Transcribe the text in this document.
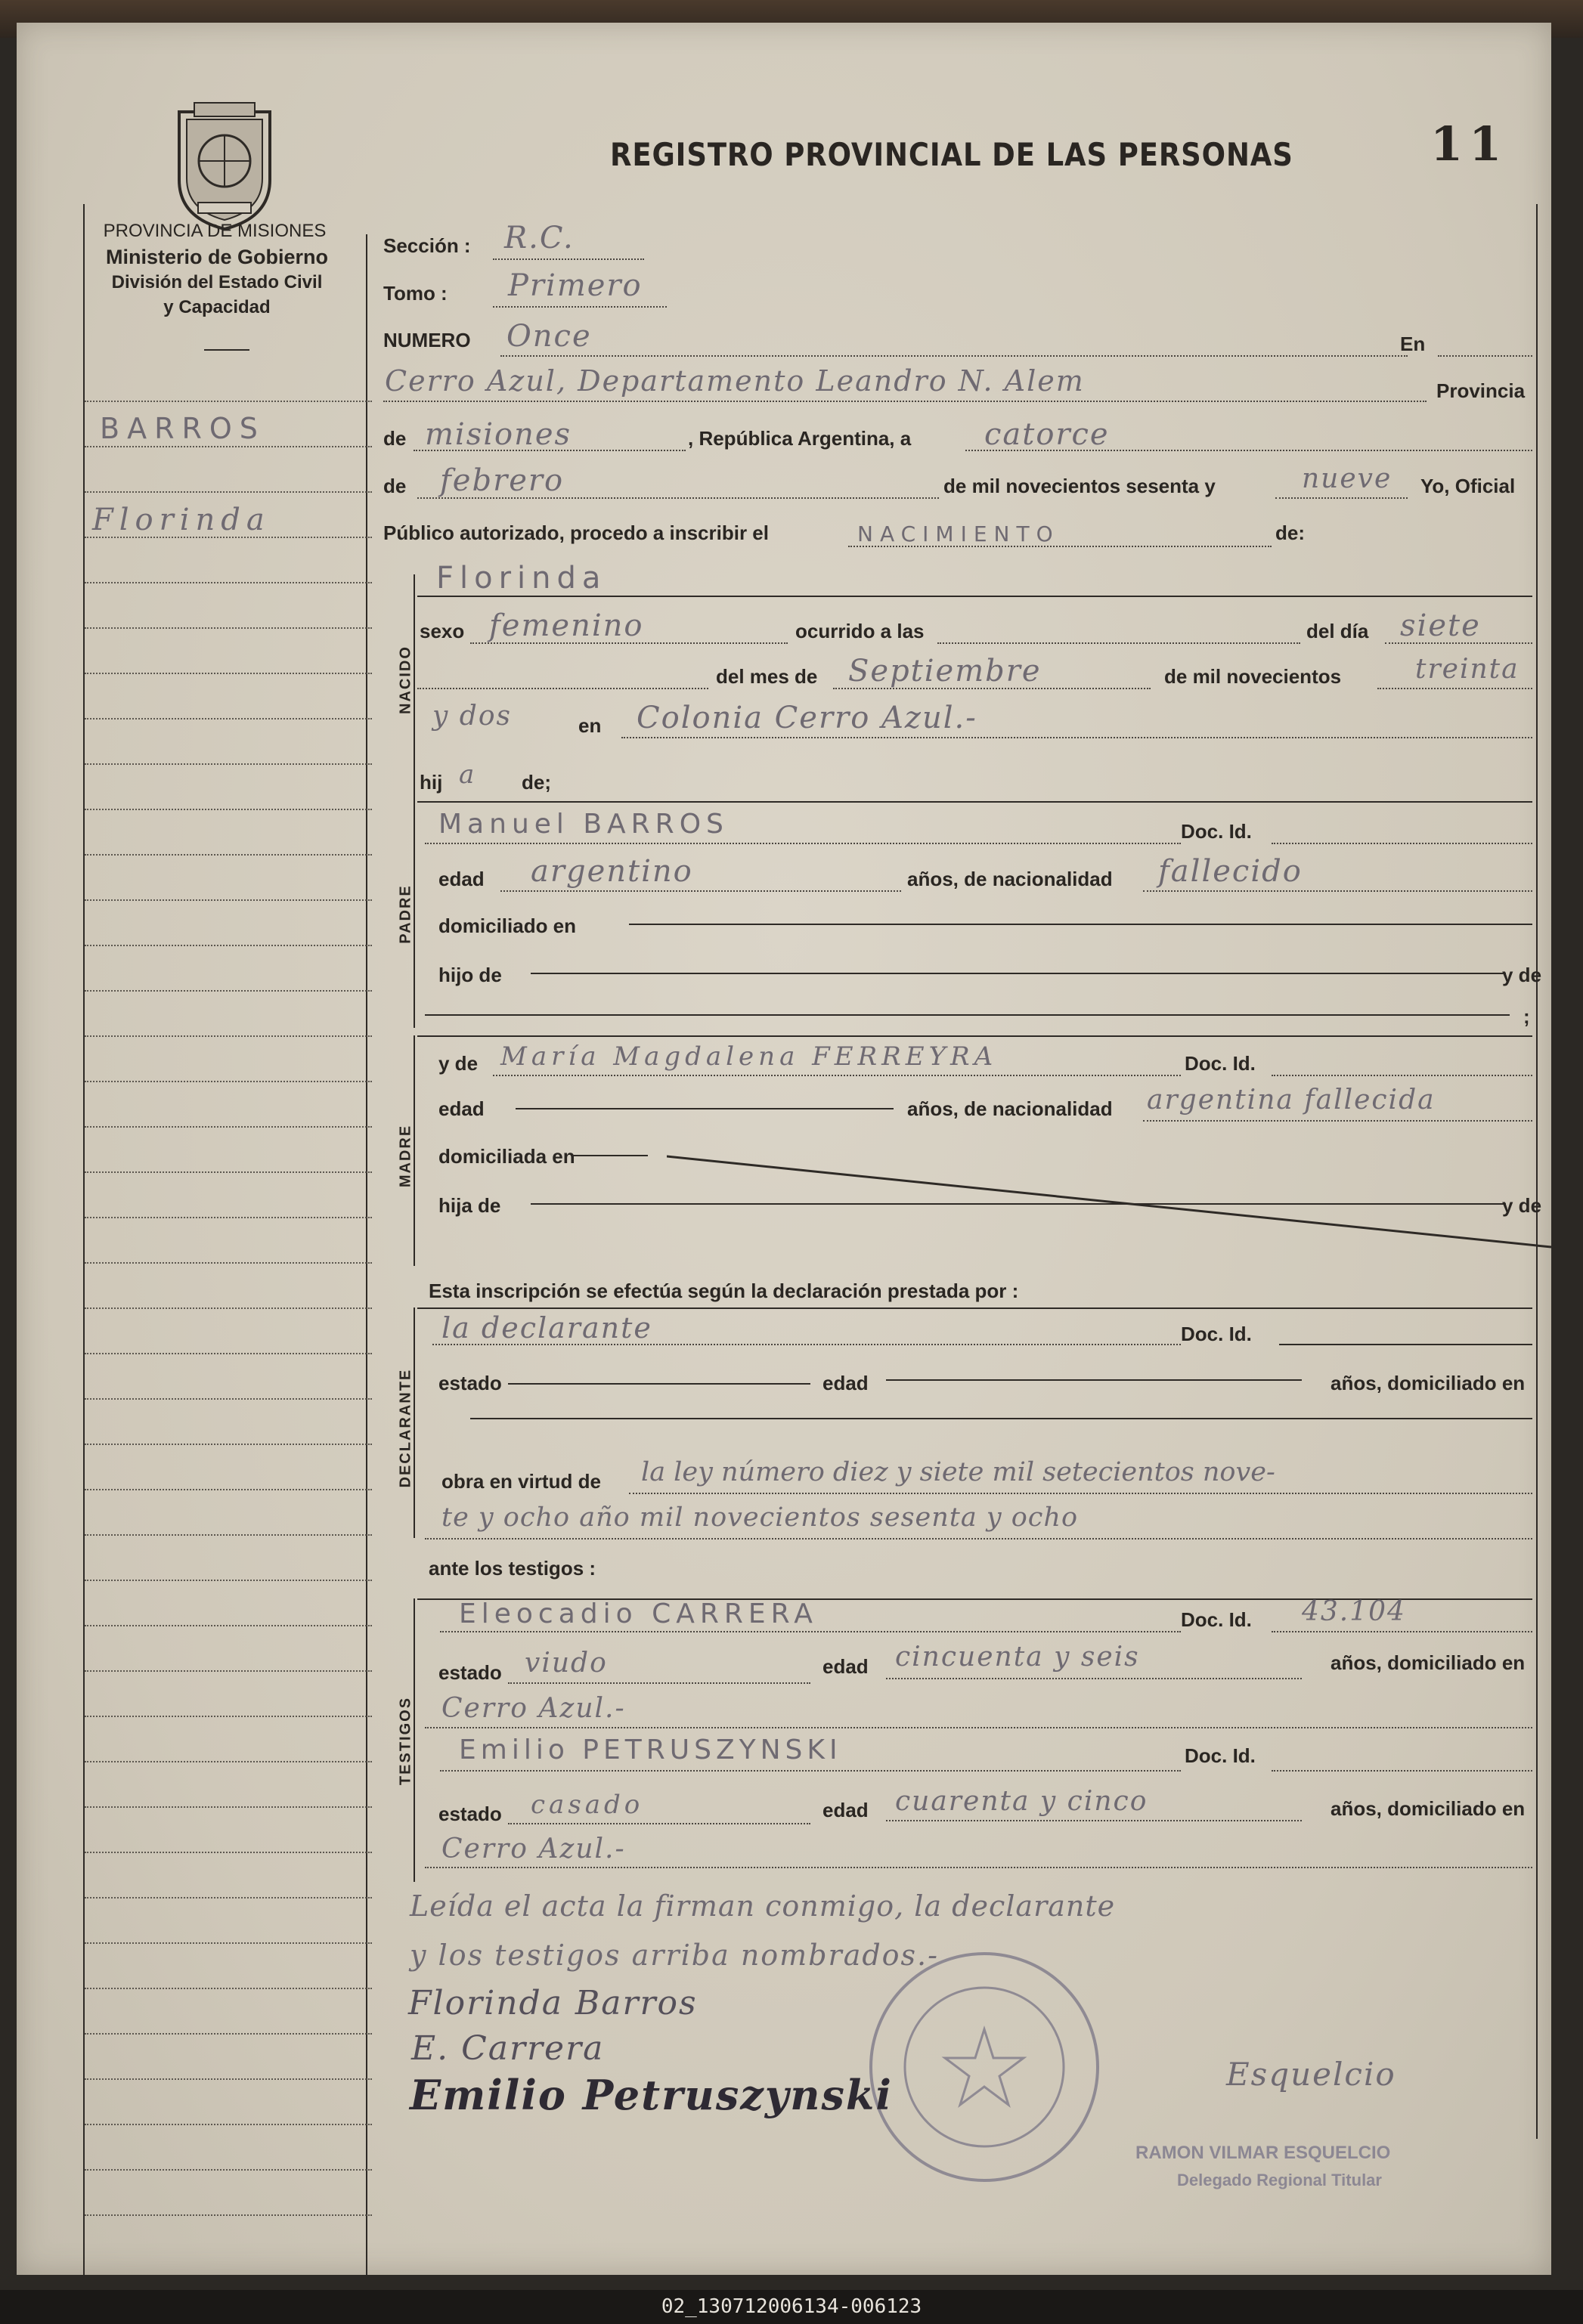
PROVINCIA DE MISIONES
Ministerio de Gobierno
División del Estado Civil
y Capacidad
REGISTRO PROVINCIAL DE LAS PERSONAS	11
BARROS
Florinda
Sección : R.C.
Tomo : Primero
NUMERO Once	En
Cerro Azul, Departamento Leandro N. Alem	Provincia
de misiones	, República Argentina, a catorce
de febrero	de mil novecientos sesenta y	nueve Yo, Oficial
Público autorizado, procedo a inscribir el	NACIMIENTO	de:
NACIDO
Florinda
sexo femenino	ocurrido a las	del día siete
del mes de Septiembre	de mil novecientos	treinta
y dos	en Colonia Cerro Azul.-
hij a de;
PADRE
Manuel BARROS	Doc. Id.
edad argentino	años, de nacionalidad fallecido
domiciliado en
hijo de	y de
;
MADRE
y de María Magdalena FERREYRA	Doc. Id.
edad	años, de nacionalidad argentina fallecida
domiciliada en
hija de	y de
Esta inscripción se efectúa según la declaración prestada por :
DECLARANTE
la declarante	Doc. Id.
estado	edad	años, domiciliado en
obra en virtud de la ley número diez y siete mil setecientos nove-
te y ocho año mil novecientos sesenta y ocho
ante los testigos :
TESTIGOS
Eleocadio CARRERA	Doc. Id. 43.104
estado viudo	edad cincuenta y seis	años, domiciliado en
Cerro Azul.-
Emilio PETRUSZYNSKI	Doc. Id.
estado casado	edad cuarenta y cinco	años, domiciliado en
Cerro Azul.-
Leída el acta la firman conmigo, la declarante
y los testigos arriba nombrados.-
Florinda Barros
E. Carrera
Emilio Petruszynski	Esquelcio
RAMON VILMAR ESQUELCIO
Delegado Regional Titular
02_130712006134-006123
